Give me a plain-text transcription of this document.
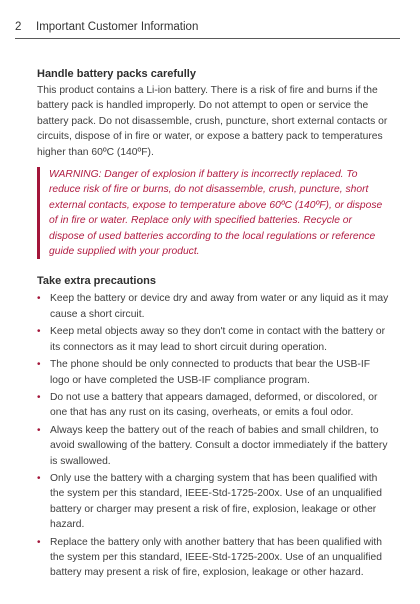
2 Important Customer Information
Handle battery packs carefully

This product contains a Li-ion battery. There is a risk of fire and burns if the battery pack is handled improperly. Do not attempt to open or service the battery pack. Do not disassemble, crush, puncture, short external contacts or circuits, dispose of in fire or water, or expose a battery pack to temperatures higher than 60ºC (140ºF).

WARNING: Danger of explosion if battery is incorrectly replaced. To reduce risk of fire or burns, do not disassemble, crush, puncture, short external contacts, expose to temperature above 60ºC (140ºF), or dispose of in fire or water. Replace only with specified batteries. Recycle or dispose of used batteries according to the local regulations or reference guide supplied with your product.
Take extra precautions
• Keep the battery or device dry and away from water or any liquid as it may cause a short circuit.
• Keep metal objects away so they don't come in contact with the battery or its connectors as it may lead to short circuit during operation.
• The phone should be only connected to products that bear the USB-IF logo or have completed the USB-IF compliance program.
• Do not use a battery that appears damaged, deformed, or discolored, or one that has any rust on its casing, overheats, or emits a foul odor.
• Always keep the battery out of the reach of babies and small children, to avoid swallowing of the battery. Consult a doctor immediately if the battery is swallowed.
• Only use the battery with a charging system that has been qualified with the system per this standard, IEEE-Std-1725-200x. Use of an unqualified battery or charger may present a risk of fire, explosion, leakage or other hazard.
• Replace the battery only with another battery that has been qualified with the system per this standard, IEEE-Std-1725-200x. Use of an unqualified battery may present a risk of fire, explosion, leakage or other hazard.
